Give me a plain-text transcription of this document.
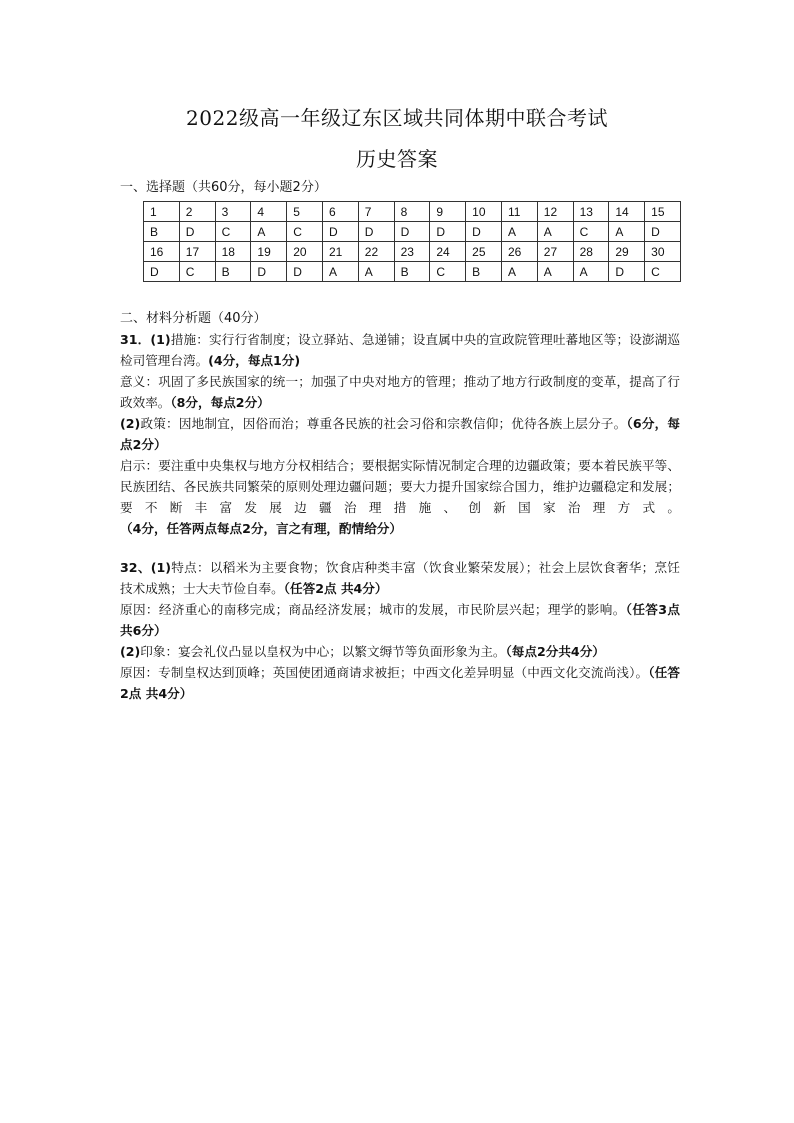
2022级高一年级辽东区域共同体期中联合考试
历史答案
一、选择题（共60分，每小题2分）
1	2	3	4	5	6	7	8	9	10	11	12	13	14	15
B	D	C	A	C	D	D	D	D	D	A	A	C	A	D
16	17	18	19	20	21	22	23	24	25	26	27	28	29	30
D	C	B	D	D	A	A	B	C	B	A	A	A	D	C
二、材料分析题（40分）

31．(1)措施：实行行省制度；设立驿站、急递铺；设直属中央的宣政院管理吐蕃地区等；设澎湖巡检司管理台湾。(4分，每点1分)

意义：巩固了多民族国家的统一；加强了中央对地方的管理；推动了地方行政制度的变革，提高了行政效率。（8分，每点2分）

(2)政策：因地制宜，因俗而治；尊重各民族的社会习俗和宗教信仰；优待各族上层分子。（6分，每点2分）

启示：要注重中央集权与地方分权相结合；要根据实际情况制定合理的边疆政策；要本着民族平等、民族团结、各民族共同繁荣的原则处理边疆问题；要大力提升国家综合国力，维护边疆稳定和发展；要不断丰富发展边疆治理措施、创新国家治理方式。（4分，任答两点每点2分，言之有理，酌情给分）

32、(1)特点：以稻米为主要食物；饮食店种类丰富（饮食业繁荣发展）；社会上层饮食奢华；烹饪技术成熟；士大夫节俭自奉。（任答2点 共4分）

原因：经济重心的南移完成；商品经济发展；城市的发展，市民阶层兴起；理学的影响。（任答3点 共6分）

(2)印象：宴会礼仪凸显以皇权为中心；以繁文缛节等负面形象为主。（每点2分共4分）

原因：专制皇权达到顶峰；英国使团通商请求被拒；中西文化差异明显（中西文化交流尚浅）。（任答2点 共4分）
